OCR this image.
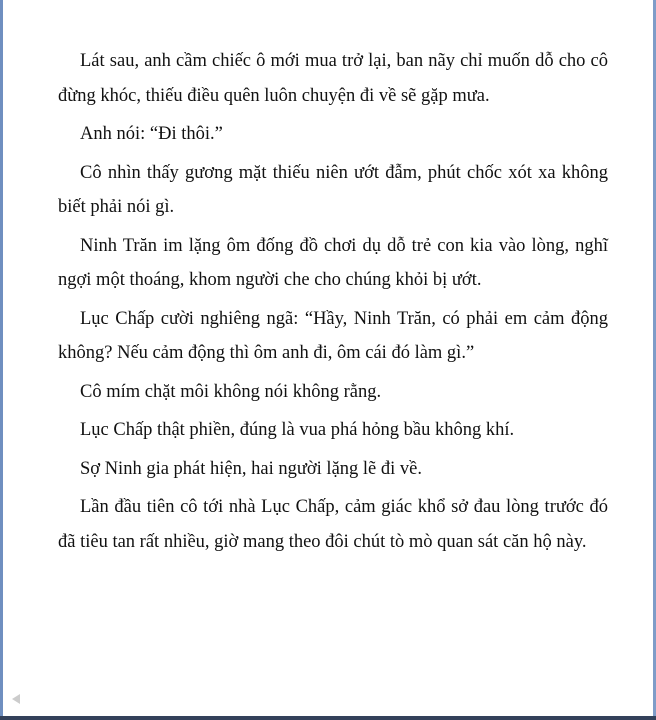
Lát sau, anh cầm chiếc ô mới mua trở lại, ban nãy chỉ muốn dỗ cho cô đừng khóc, thiếu điều quên luôn chuyện đi về sẽ gặp mưa.

Anh nói: “Đi thôi.”

Cô nhìn thấy gương mặt thiếu niên ướt đẫm, phút chốc xót xa không biết phải nói gì.

Ninh Trăn im lặng ôm đống đồ chơi dụ dỗ trẻ con kia vào lòng, nghĩ ngợi một thoáng, khom người che cho chúng khỏi bị ướt.

Lục Chấp cười nghiêng ngã: “Hầy, Ninh Trăn, có phải em cảm động không? Nếu cảm động thì ôm anh đi, ôm cái đó làm gì.”

Cô mím chặt môi không nói không rằng.

Lục Chấp thật phiền, đúng là vua phá hỏng bầu không khí.

Sợ Ninh gia phát hiện, hai người lặng lẽ đi về.

Lần đầu tiên cô tới nhà Lục Chấp, cảm giác khổ sở đau lòng trước đó đã tiêu tan rất nhiều, giờ mang theo đôi chút tò mò quan sát căn hộ này.
